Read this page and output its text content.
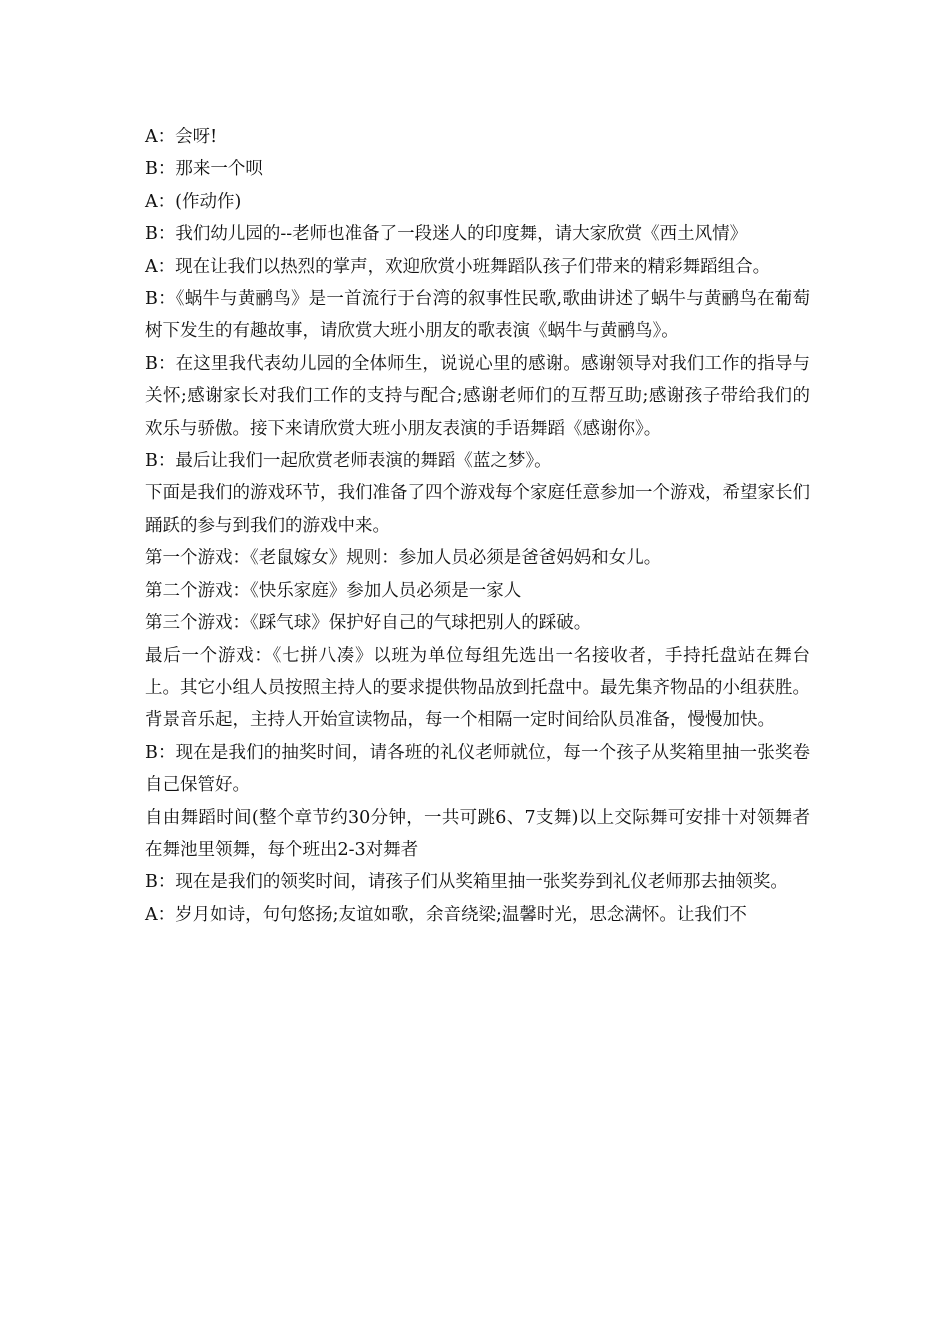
A：会呀!

B：那来一个呗

A：(作动作)

B：我们幼儿园的--老师也准备了一段迷人的印度舞，请大家欣赏《西土风情》

A：现在让我们以热烈的掌声，欢迎欣赏小班舞蹈队孩子们带来的精彩舞蹈组合。

B：《蜗牛与黄鹂鸟》是一首流行于台湾的叙事性民歌,歌曲讲述了蜗牛与黄鹂鸟在葡萄树下发生的有趣故事，请欣赏大班小朋友的歌表演《蜗牛与黄鹂鸟》。

B：在这里我代表幼儿园的全体师生，说说心里的感谢。感谢领导对我们工作的指导与关怀;感谢家长对我们工作的支持与配合;感谢老师们的互帮互助;感谢孩子带给我们的欢乐与骄傲。接下来请欣赏大班小朋友表演的手语舞蹈《感谢你》。

B：最后让我们一起欣赏老师表演的舞蹈《蓝之梦》。

下面是我们的游戏环节，我们准备了四个游戏每个家庭任意参加一个游戏，希望家长们踊跃的参与到我们的游戏中来。

第一个游戏：《老鼠嫁女》规则：参加人员必须是爸爸妈妈和女儿。

第二个游戏：《快乐家庭》参加人员必须是一家人

第三个游戏：《踩气球》保护好自己的气球把别人的踩破。

最后一个游戏：《七拼八凑》以班为单位每组先选出一名接收者，手持托盘站在舞台上。其它小组人员按照主持人的要求提供物品放到托盘中。最先集齐物品的小组获胜。

背景音乐起，主持人开始宣读物品，每一个相隔一定时间给队员准备，慢慢加快。

B：现在是我们的抽奖时间，请各班的礼仪老师就位，每一个孩子从奖箱里抽一张奖卷自己保管好。

自由舞蹈时间(整个章节约30分钟，一共可跳6、7支舞)以上交际舞可安排十对领舞者在舞池里领舞，每个班出2-3对舞者

B：现在是我们的领奖时间，请孩子们从奖箱里抽一张奖券到礼仪老师那去抽领奖。

A：岁月如诗，句句悠扬;友谊如歌，余音绕梁;温馨时光，思念满怀。让我们不
